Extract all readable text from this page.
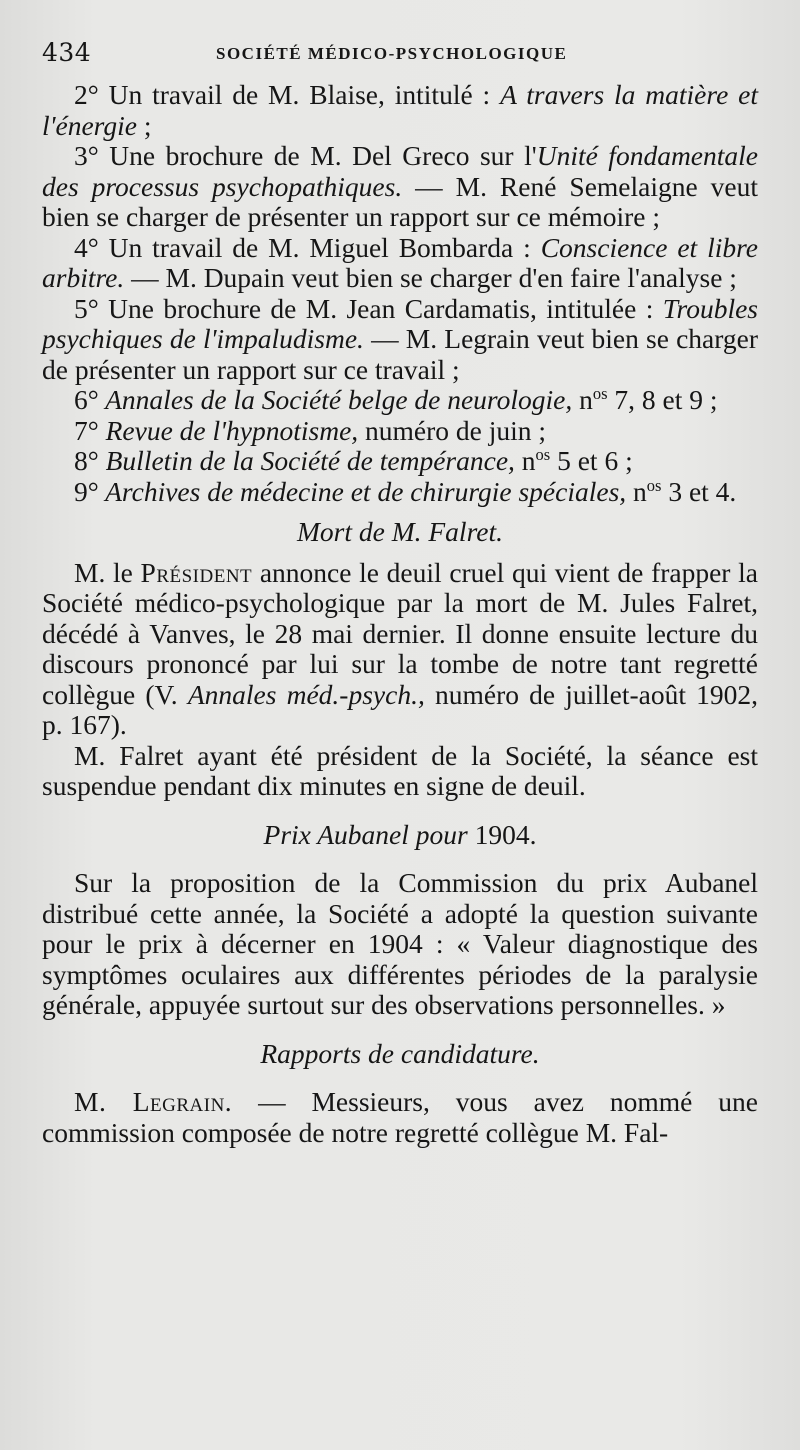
434	SOCIÉTÉ MÉDICO-PSYCHOLOGIQUE

2° Un travail de M. Blaise, intitulé : A travers la matière et l'énergie ;

3° Une brochure de M. Del Greco sur l'Unité fondamentale des processus psychopathiques. — M. René Semelaigne veut bien se charger de présenter un rapport sur ce mémoire ;

4° Un travail de M. Miguel Bombarda : Conscience et libre arbitre. — M. Dupain veut bien se charger d'en faire l'analyse ;

5° Une brochure de M. Jean Cardamatis, intitulée : Troubles psychiques de l'impaludisme. — M. Legrain veut bien se charger de présenter un rapport sur ce travail ;

6° Annales de la Société belge de neurologie, $n^{os}$ 7, 8 et 9 ;

7° Revue de l'hypnotisme, numéro de juin ;

8° Bulletin de la Société de tempérance, $n^{os}$ 5 et 6 ;

9° Archives de médecine et de chirurgie spéciales, $n^{os}$ 3 et 4.

Mort de M. Falret.

M. le Président annonce le deuil cruel qui vient de frapper la Société médico-psychologique par la mort de M. Jules Falret, décédé à Vanves, le 28 mai dernier. Il donne ensuite lecture du discours prononcé par lui sur la tombe de notre tant regretté collègue (V. Annales méd.-psych., numéro de juillet-août 1902, p. 167).

M. Falret ayant été président de la Société, la séance est suspendue pendant dix minutes en signe de deuil.

Prix Aubanel pour 1904.

Sur la proposition de la Commission du prix Aubanel distribué cette année, la Société a adopté la question suivante pour le prix à décerner en 1904 : « Valeur diagnostique des symptômes oculaires aux différentes périodes de la paralysie générale, appuyée surtout sur des observations personnelles. »

Rapports de candidature.

M. Legrain. — Messieurs, vous avez nommé une commission composée de notre regretté collègue M. Fal-
